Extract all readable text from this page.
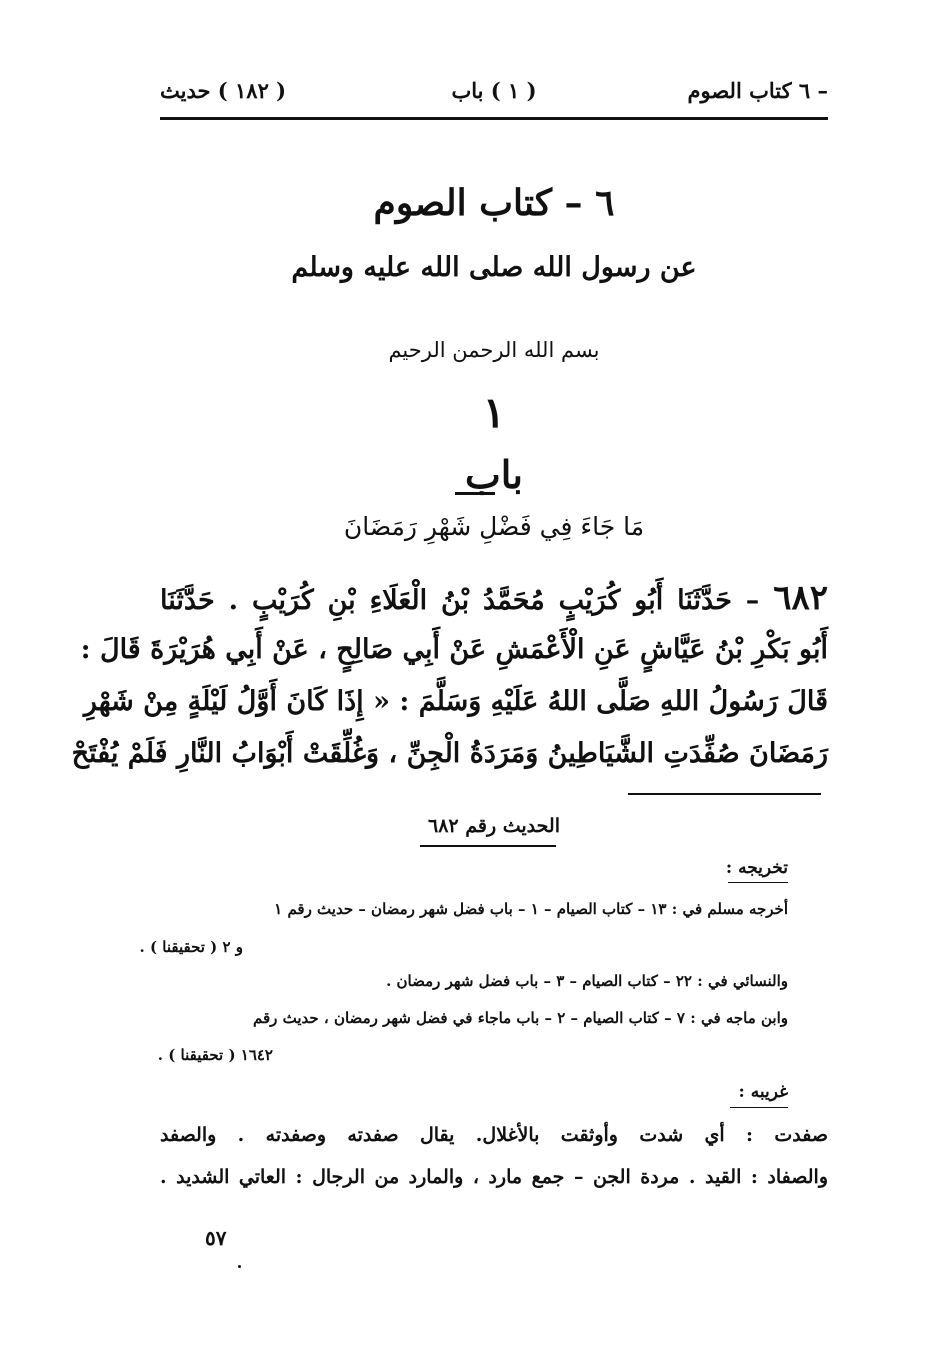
– ٦ كتاب الصوم
( ١ ) باب
( ١٨٢ ) حديث
٦ – كتاب الصوم
عن رسول الله صلى الله عليه وسلم
بسم الله الرحمن الرحيم
١
باب
مَا جَاءَ فِي فَضْلِ شَهْرِ رَمَضَانَ
٦٨٢ – حَدَّثَنَا أَبُو كُرَيْبٍ مُحَمَّدُ بْنُ الْعَلَاءِ بْنِ كُرَيْبٍ . حَدَّثَنَا
أَبُو بَكْرِ بْنُ عَيَّاشٍ عَنِ الْأَعْمَشِ عَنْ أَبِي صَالِحٍ ، عَنْ أَبِي هُرَيْرَةَ قَالَ :
قَالَ رَسُولُ اللهِ صَلَّى اللهُ عَلَيْهِ وَسَلَّمَ : « إِذَا كَانَ أَوَّلُ لَيْلَةٍ مِنْ شَهْرِ
رَمَضَانَ صُفِّدَتِ الشَّيَاطِينُ وَمَرَدَةُ الْجِنِّ ، وَغُلِّقَتْ أَبْوَابُ النَّارِ فَلَمْ يُفْتَحْ
الحديث رقم ٦٨٢
تخريجه :
أخرجه مسلم في : ١٣ – كتاب الصيام – ١ – باب فضل شهر رمضان – حديث رقم ١
و ٢ ( تحقيقنا ) .
والنسائي في : ٢٢ – كتاب الصيام – ٣ – باب فضل شهر رمضان .
وابن ماجه في : ٧ – كتاب الصيام – ٢ – باب ماجاء في فضل شهر رمضان ، حديث رقم
١٦٤٢ ( تحقيقنا ) .
غريبه :
صفدت : أي شدت وأوثقت بالأغلال. يقال صفدته وصفدته . والصفد
والصفاد : القيد . مردة الجن – جمع مارد ، والمارد من الرجال : العاتي الشديد .
٥٧
